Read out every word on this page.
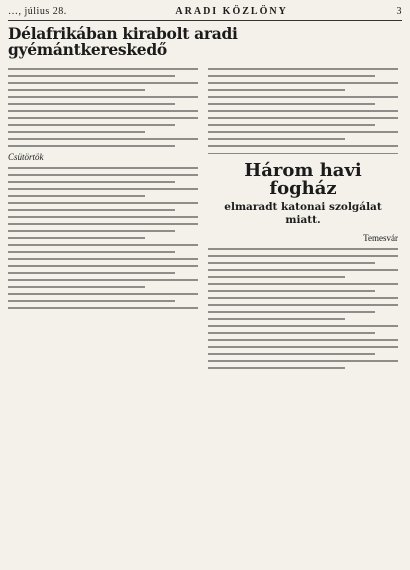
…, július 28.	ARADI KÖZLÖNY	3
Délafrikában kirabolt aradi gyémántkereskedő
Csütörtök
Három havi fogház
elmaradt katonai szolgálat miatt.
Temesvár
